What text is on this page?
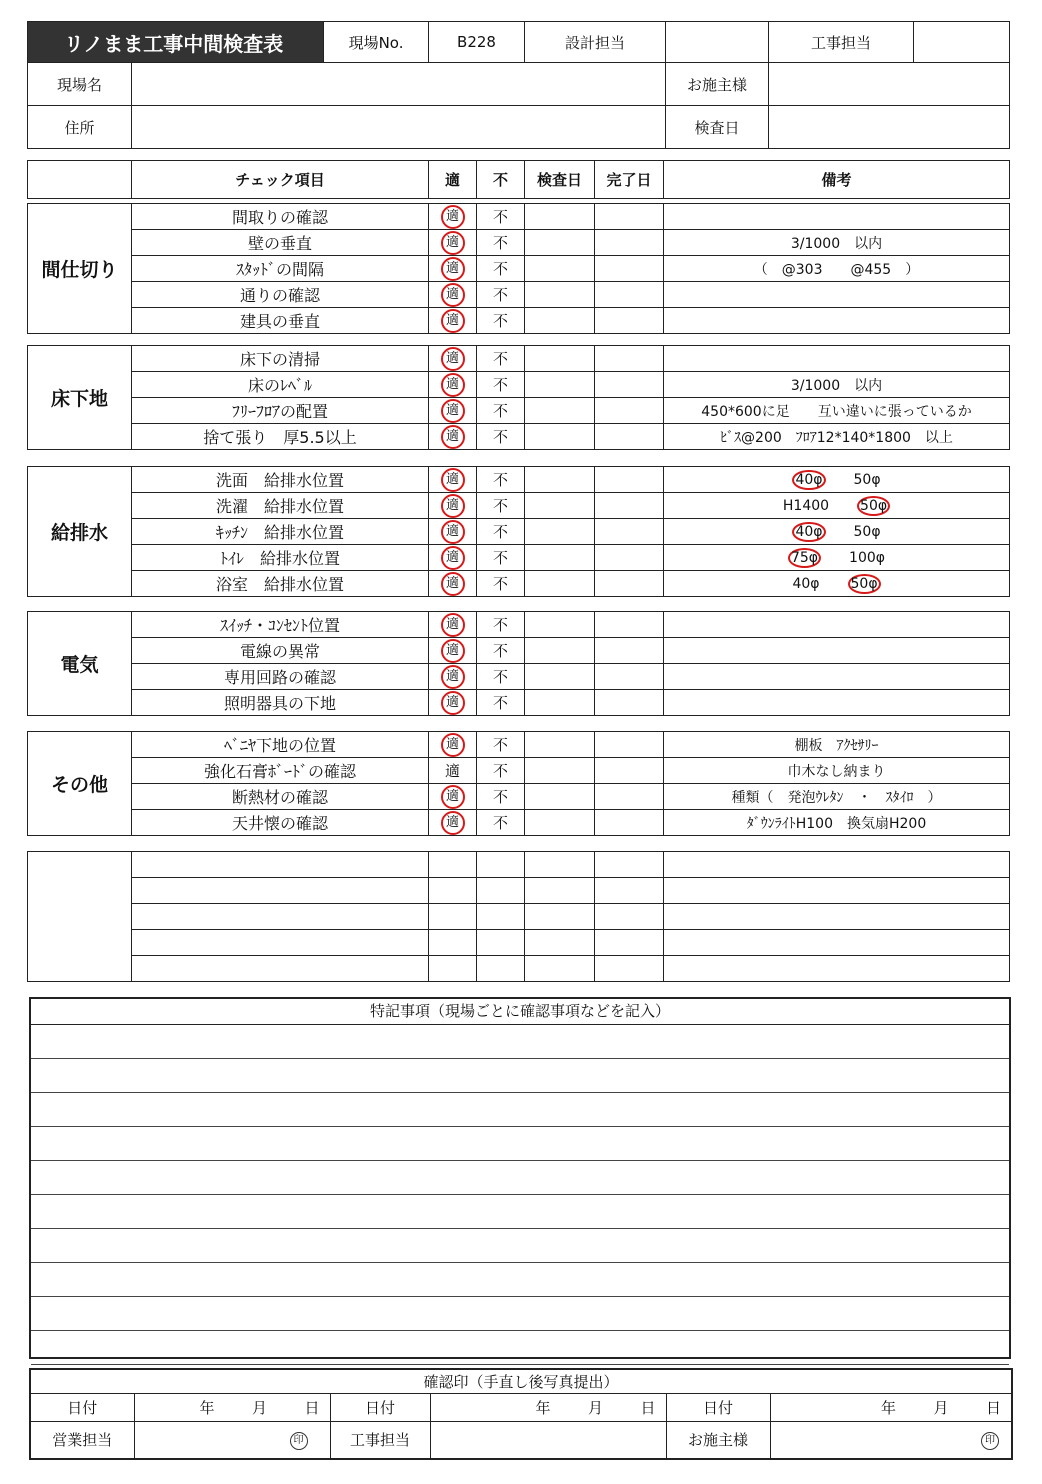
リノまま工事中間検査表		現場No.	B228	設計担当		工事担当	
現場名					お施主様		
住所					検査日		
	チェック項目	適	不	検査日	完了日	備考
間仕切り	間取りの確認	適	不			
	壁の垂直	適	不			3/1000　以内
	ｽﾀｯﾄﾞの間隔	適	不			（　@303　　@455　）
	通りの確認	適	不			
	建具の垂直	適	不			
床下地	床下の清掃	適	不			
	床のﾚﾍﾞﾙ	適	不			3/1000　以内
	ﾌﾘｰﾌﾛｱの配置	適	不			450*600に足　　互い違いに張っているか
	捨て張り　厚5.5以上	適	不			ﾋﾞｽ@200　ﾌﾛｱ12*140*1800　以上
給排水	洗面　給排水位置	適	不			40φ　　 50φ
	洗濯　給排水位置	適	不			H1400　　 50φ
	ｷｯﾁﾝ　給排水位置	適	不			40φ　　 50φ
	ﾄｲﾚ　給排水位置	適	不			75φ　　 100φ
	浴室　給排水位置	適	不			40φ　　 50φ
電気	ｽｲｯﾁ・ｺﾝｾﾝﾄ位置	適	不			
	電線の異常	適	不			
	専用回路の確認	適	不			
	照明器具の下地	適	不			
その他	ﾍﾞﾆﾔ下地の位置	適	不			棚板　ｱｸｾｻﾘｰ
	強化石膏ﾎﾞｰﾄﾞの確認	適	不			巾木なし納まり
	断熱材の確認	適	不			種類（　発泡ｳﾚﾀﾝ　・　ｽﾀｲﾛ　）
	天井懐の確認	適	不			ﾀﾞｳﾝﾗｲﾄH100　換気扇H200

特記事項（現場ごとに確認事項などを記入）
確認印（手直し後写真提出）					
日付	年    月    日	日付	年    月    日	日付	年    月    日
営業担当	印	工事担当		お施主様	印
